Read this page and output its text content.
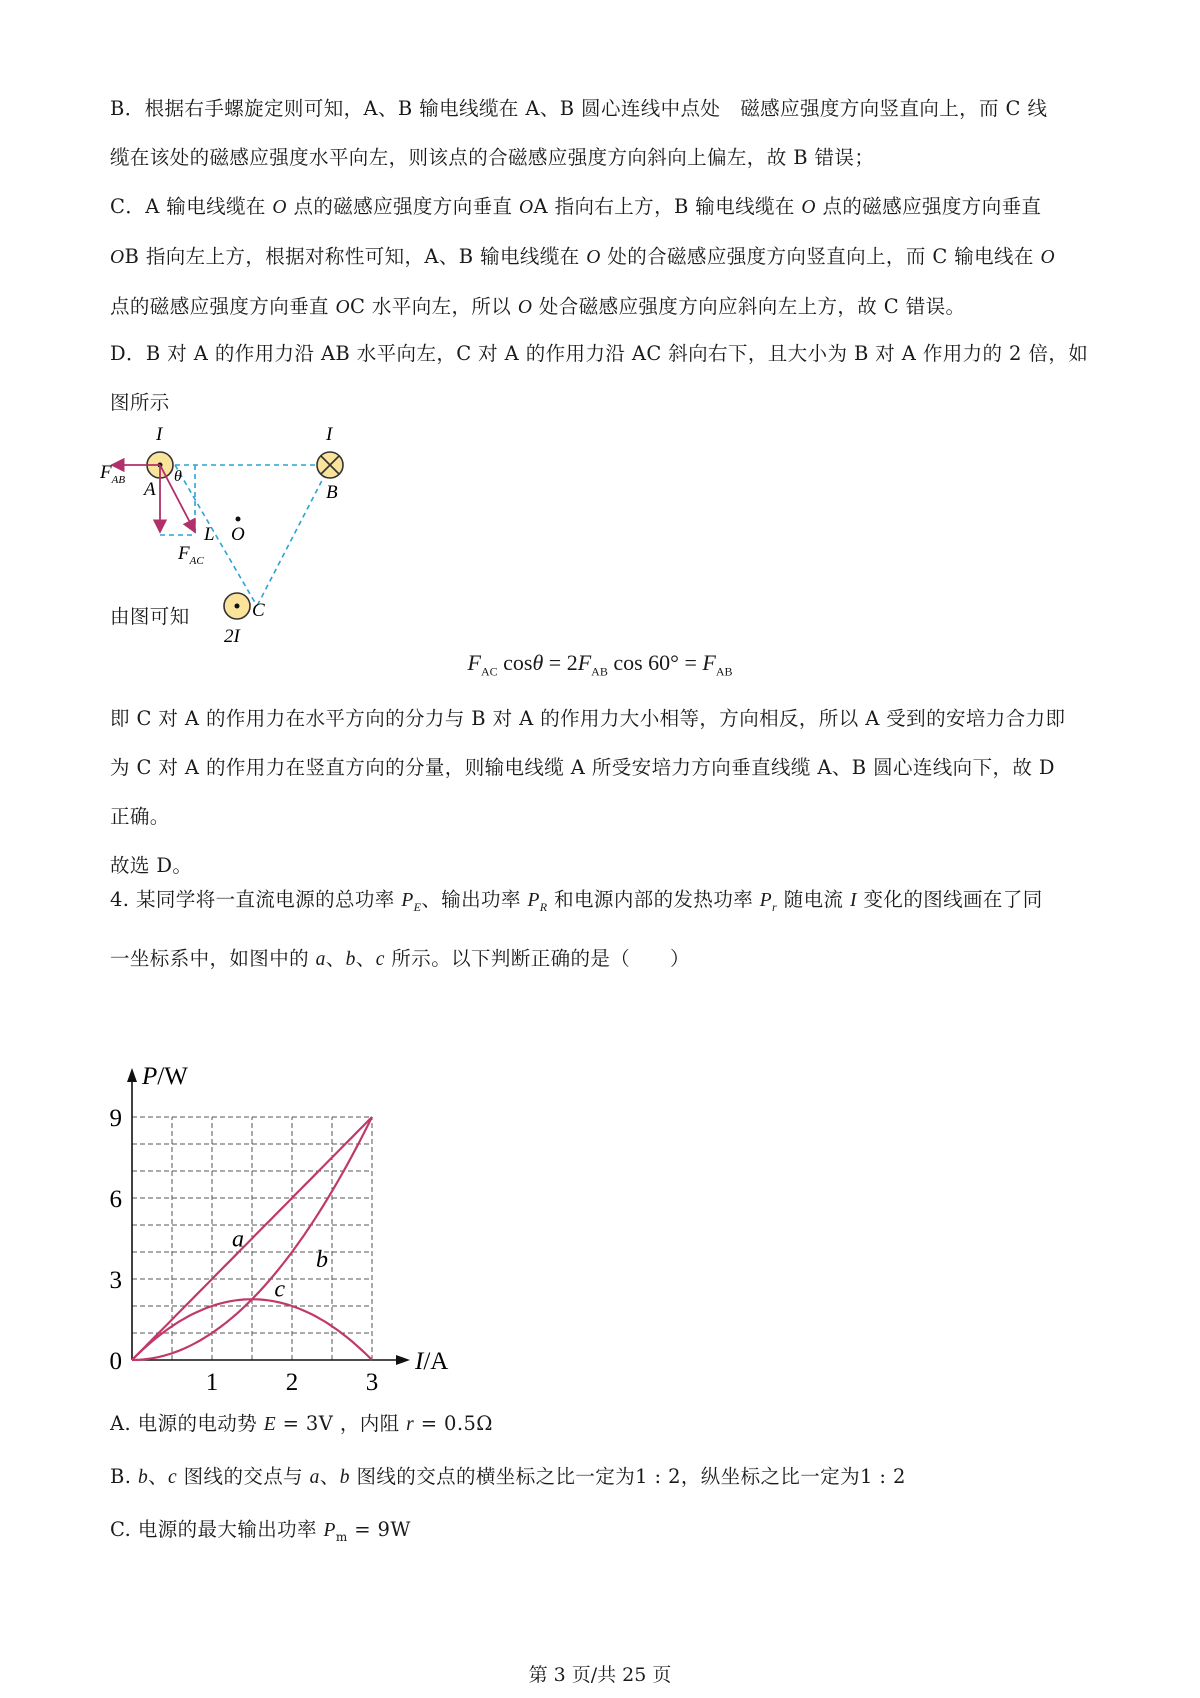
B．根据右手螺旋定则可知，A、B 输电线缆在 A、B 圆心连线中点处　磁感应强度方向竖直向上，而 C 线

缆在该处的磁感应强度水平向左，则该点的合磁感应强度方向斜向上偏左，故 B 错误；

C．A 输电线缆在 O 点的磁感应强度方向垂直 OA 指向右上方，B 输电线缆在 O 点的磁感应强度方向垂直

OB 指向左上方，根据对称性可知，A、B 输电线缆在 O 处的合磁感应强度方向竖直向上，而 C 输电线在 O

点的磁感应强度方向垂直 OC 水平向左，所以 O 处合磁感应强度方向应斜向左上方，故 C 错误。

D．B 对 A 的作用力沿 AB 水平向左，C 对 A 的作用力沿 AC 斜向右下，且大小为 B 对 A 作用力的 2 倍，如

图所示

I	I
2I
A	B
C
O
L
θ
$F_{AB}$
$F_{AC}$

由图可知

$F_{AC}$ $\cos\theta = 2F_{AB}$ $\cos 60^\circ = F_{AB}$

即 C 对 A 的作用力在水平方向的分力与 B 对 A 的作用力大小相等，方向相反，所以 A 受到的安培力合力即

为 C 对 A 的作用力在竖直方向的分量，则输电线缆 A 所受安培力方向垂直线缆 A、B 圆心连线向下，故 D

正确。

故选 D。

4. 某同学将一直流电源的总功率 $P_E$、输出功率 $P_R$ 和电源内部的发热功率 $P_r$ 随电流 I 变化的图线画在了同

一坐标系中，如图中的 a、b、c 所示。以下判断正确的是（　　）

P/W
I/A
0
3
6
9
1	2	3
a
b
c

A. 电源的电动势 E = 3V ，内阻 r = 0.5Ω

B. b、c 图线的交点与 a、b 图线的交点的横坐标之比一定为1 : 2，纵坐标之比一定为1 : 2

C. 电源的最大输出功率 $P_m = 9W$

第 3 页/共 25 页
